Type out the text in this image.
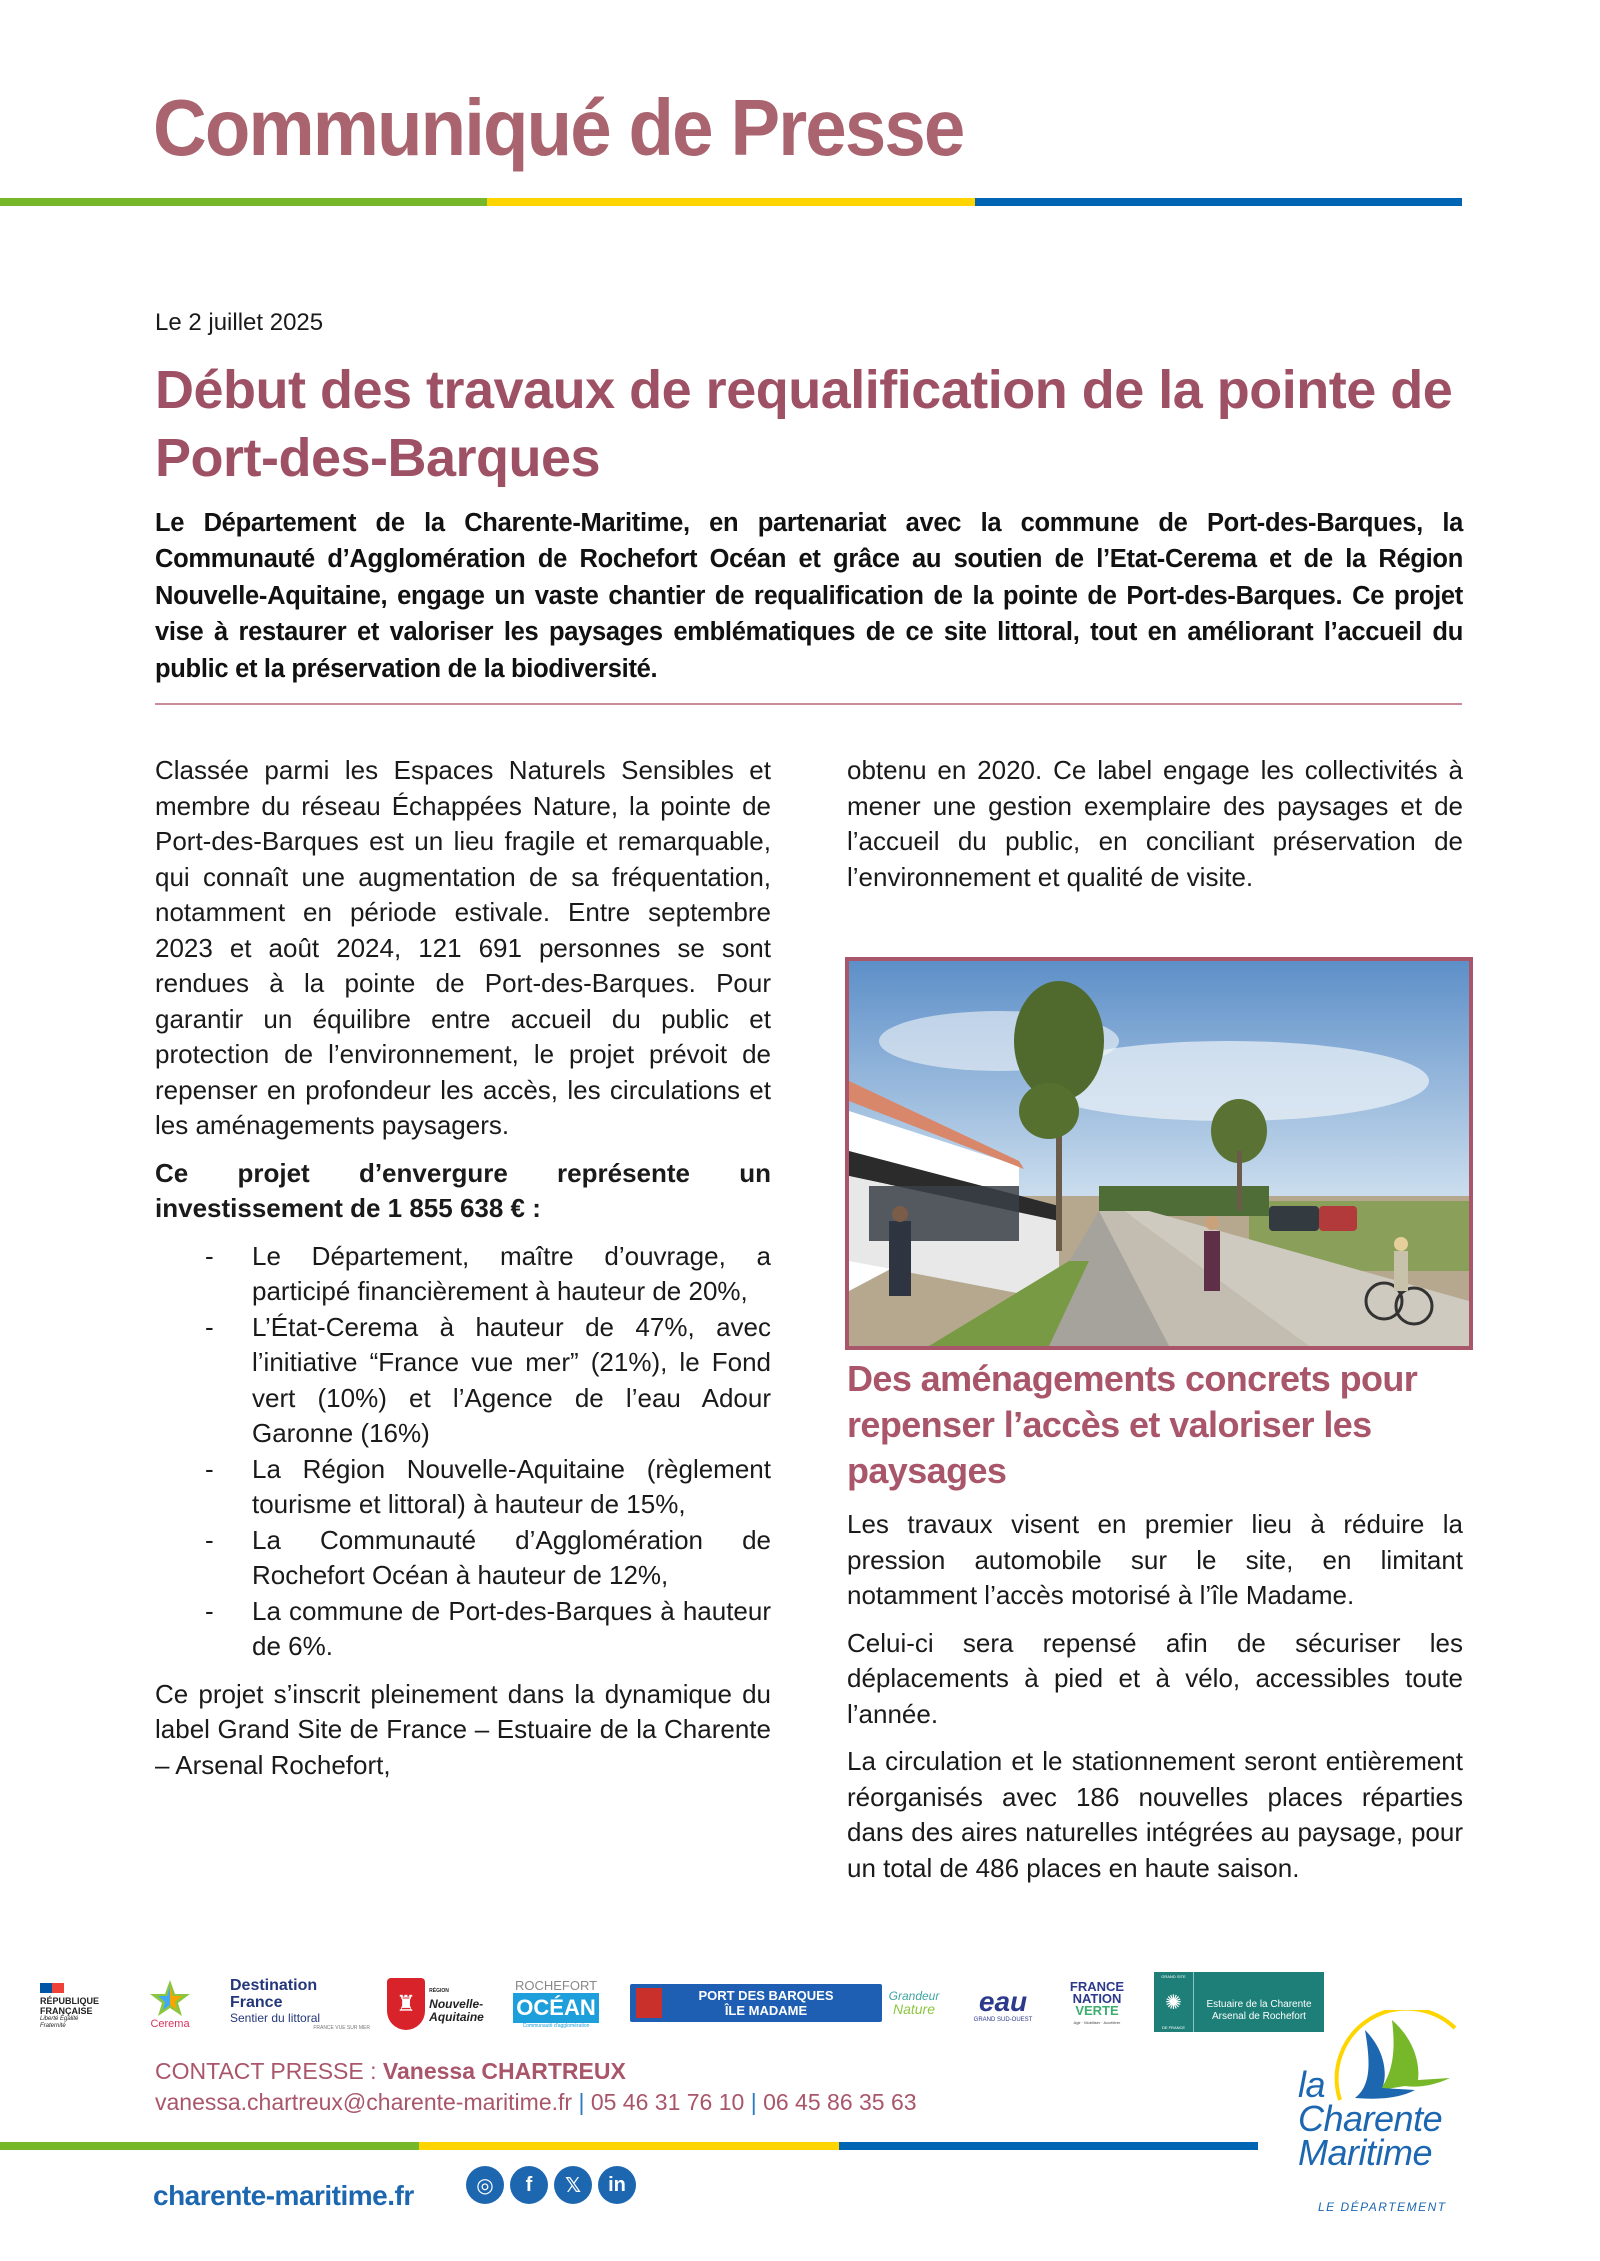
Communiqué de Presse
Le 2 juillet 2025
Début des travaux de requalification de la pointe de Port-des-Barques
Le Département de la Charente-Maritime, en partenariat avec la commune de Port-des-Barques, la Communauté d’Agglomération de Rochefort Océan et grâce au soutien de l’Etat-Cerema et de la Région Nouvelle-Aquitaine, engage un vaste chantier de requalification de la pointe de Port-des-Barques. Ce projet vise à restaurer et valoriser les paysages emblématiques de ce site littoral, tout en améliorant l’accueil du public et la préservation de la biodiversité.

Classée parmi les Espaces Naturels Sensibles et membre du réseau Échappées Nature, la pointe de Port-des-Barques est un lieu fragile et remarquable, qui connaît une augmentation de sa fréquentation, notamment en période estivale. Entre septembre 2023 et août 2024, 121 691 personnes se sont rendues à la pointe de Port-des-Barques. Pour garantir un équilibre entre accueil du public et protection de l’environnement, le projet prévoit de repenser en profondeur les accès, les circulations et les aménagements paysagers.

Ce projet d’envergure représente un investissement de 1 855 638 € :

- Le Département, maître d’ouvrage, a participé financièrement à hauteur de 20%,
- L’État-Cerema à hauteur de 47%, avec l’initiative “France vue mer” (21%), le Fond vert (10%) et l’Agence de l’eau Adour Garonne (16%)
- La Région Nouvelle-Aquitaine (règlement tourisme et littoral) à hauteur de 15%,
- La Communauté d’Agglomération de Rochefort Océan à hauteur de 12%,
- La commune de Port-des-Barques à hauteur de 6%.

Ce projet s’inscrit pleinement dans la dynamique du label Grand Site de France – Estuaire de la Charente – Arsenal Rochefort,

obtenu en 2020. Ce label engage les collectivités à mener une gestion exemplaire des paysages et de l’accueil du public, en conciliant préservation de l’environnement et qualité de visite.

Des aménagements concrets pour repenser l’accès et valoriser les paysages

Les travaux visent en premier lieu à réduire la pression automobile sur le site, en limitant notamment l’accès motorisé à l’île Madame.

Celui-ci sera repensé afin de sécuriser les déplacements à pied et à vélo, accessibles toute l’année.

La circulation et le stationnement seront entièrement réorganisés avec 186 nouvelles places réparties dans des aires naturelles intégrées au paysage, pour un total de 486 places en haute saison.

RÉPUBLIQUE
FRANÇAISE
Liberté Égalité Fraternité	Cerema
Destination
France
Sentier du littoral
FRANCE VUE SUR MER
♜
RÉGION
Nouvelle-
Aquitaine
ROCHEFORT
OCÉAN
Communauté d'agglomération
PORT DES BARQUES
ÎLE MADAME
Grandeur
Nature eau
GRAND SUD-OUEST
FRANCE
NATION
VERTE
Agir · Mobiliser · Accélérer
GRAND SITE
✺
DE FRANCE
Estuaire de la Charente
Arsenal de Rochefort
CONTACT PRESSE : Vanessa CHARTREUX
vanessa.chartreux@charente-maritime.fr | 05 46 31 76 10 | 06 45 86 35 63
charente-maritime.fr	◎	f	𝕏	in
la
Charente
Maritime
LE DÉPARTEMENT
